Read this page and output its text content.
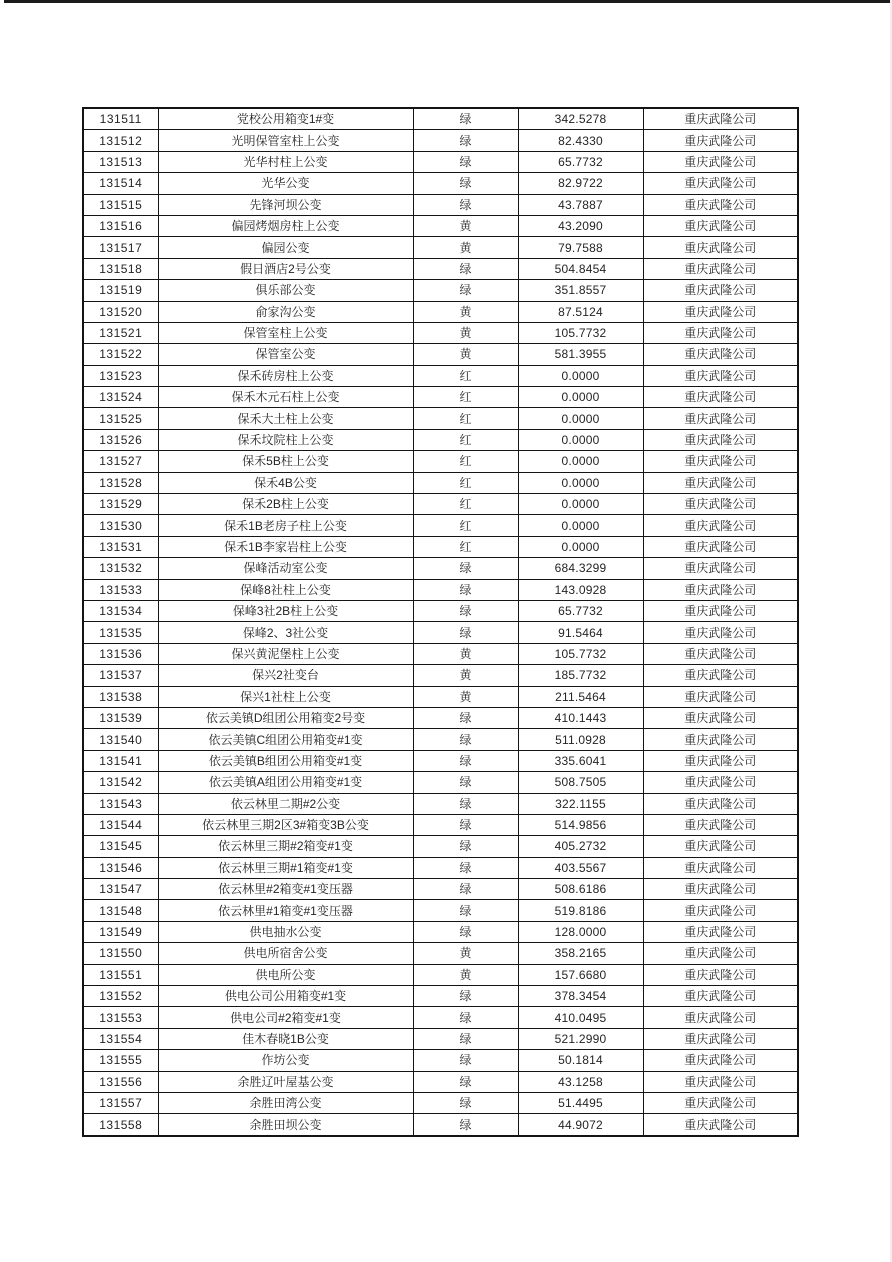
131511	党校公用箱变1#变	绿	342.5278	重庆武隆公司
131512	光明保管室柱上公变	绿	82.4330	重庆武隆公司
131513	光华村柱上公变	绿	65.7732	重庆武隆公司
131514	光华公变	绿	82.9722	重庆武隆公司
131515	先锋河坝公变	绿	43.7887	重庆武隆公司
131516	偏园烤烟房柱上公变	黄	43.2090	重庆武隆公司
131517	偏园公变	黄	79.7588	重庆武隆公司
131518	假日酒店2号公变	绿	504.8454	重庆武隆公司
131519	俱乐部公变	绿	351.8557	重庆武隆公司
131520	俞家沟公变	黄	87.5124	重庆武隆公司
131521	保管室柱上公变	黄	105.7732	重庆武隆公司
131522	保管室公变	黄	581.3955	重庆武隆公司
131523	保禾砖房柱上公变	红	0.0000	重庆武隆公司
131524	保禾木元石柱上公变	红	0.0000	重庆武隆公司
131525	保禾大土柱上公变	红	0.0000	重庆武隆公司
131526	保禾坟院柱上公变	红	0.0000	重庆武隆公司
131527	保禾5B柱上公变	红	0.0000	重庆武隆公司
131528	保禾4B公变	红	0.0000	重庆武隆公司
131529	保禾2B柱上公变	红	0.0000	重庆武隆公司
131530	保禾1B老房子柱上公变	红	0.0000	重庆武隆公司
131531	保禾1B李家岩柱上公变	红	0.0000	重庆武隆公司
131532	保峰活动室公变	绿	684.3299	重庆武隆公司
131533	保峰8社柱上公变	绿	143.0928	重庆武隆公司
131534	保峰3社2B柱上公变	绿	65.7732	重庆武隆公司
131535	保峰2、3社公变	绿	91.5464	重庆武隆公司
131536	保兴黄泥堡柱上公变	黄	105.7732	重庆武隆公司
131537	保兴2社变台	黄	185.7732	重庆武隆公司
131538	保兴1社柱上公变	黄	211.5464	重庆武隆公司
131539	依云美镇D组团公用箱变2号变	绿	410.1443	重庆武隆公司
131540	依云美镇C组团公用箱变#1变	绿	511.0928	重庆武隆公司
131541	依云美镇B组团公用箱变#1变	绿	335.6041	重庆武隆公司
131542	依云美镇A组团公用箱变#1变	绿	508.7505	重庆武隆公司
131543	依云林里二期#2公变	绿	322.1155	重庆武隆公司
131544	依云林里三期2区3#箱变3B公变	绿	514.9856	重庆武隆公司
131545	依云林里三期#2箱变#1变	绿	405.2732	重庆武隆公司
131546	依云林里三期#1箱变#1变	绿	403.5567	重庆武隆公司
131547	依云林里#2箱变#1变压器	绿	508.6186	重庆武隆公司
131548	依云林里#1箱变#1变压器	绿	519.8186	重庆武隆公司
131549	供电抽水公变	绿	128.0000	重庆武隆公司
131550	供电所宿舍公变	黄	358.2165	重庆武隆公司
131551	供电所公变	黄	157.6680	重庆武隆公司
131552	供电公司公用箱变#1变	绿	378.3454	重庆武隆公司
131553	供电公司#2箱变#1变	绿	410.0495	重庆武隆公司
131554	佳木春晓1B公变	绿	521.2990	重庆武隆公司
131555	作坊公变	绿	50.1814	重庆武隆公司
131556	余胜辽叶屋基公变	绿	43.1258	重庆武隆公司
131557	余胜田湾公变	绿	51.4495	重庆武隆公司
131558	余胜田坝公变	绿	44.9072	重庆武隆公司
